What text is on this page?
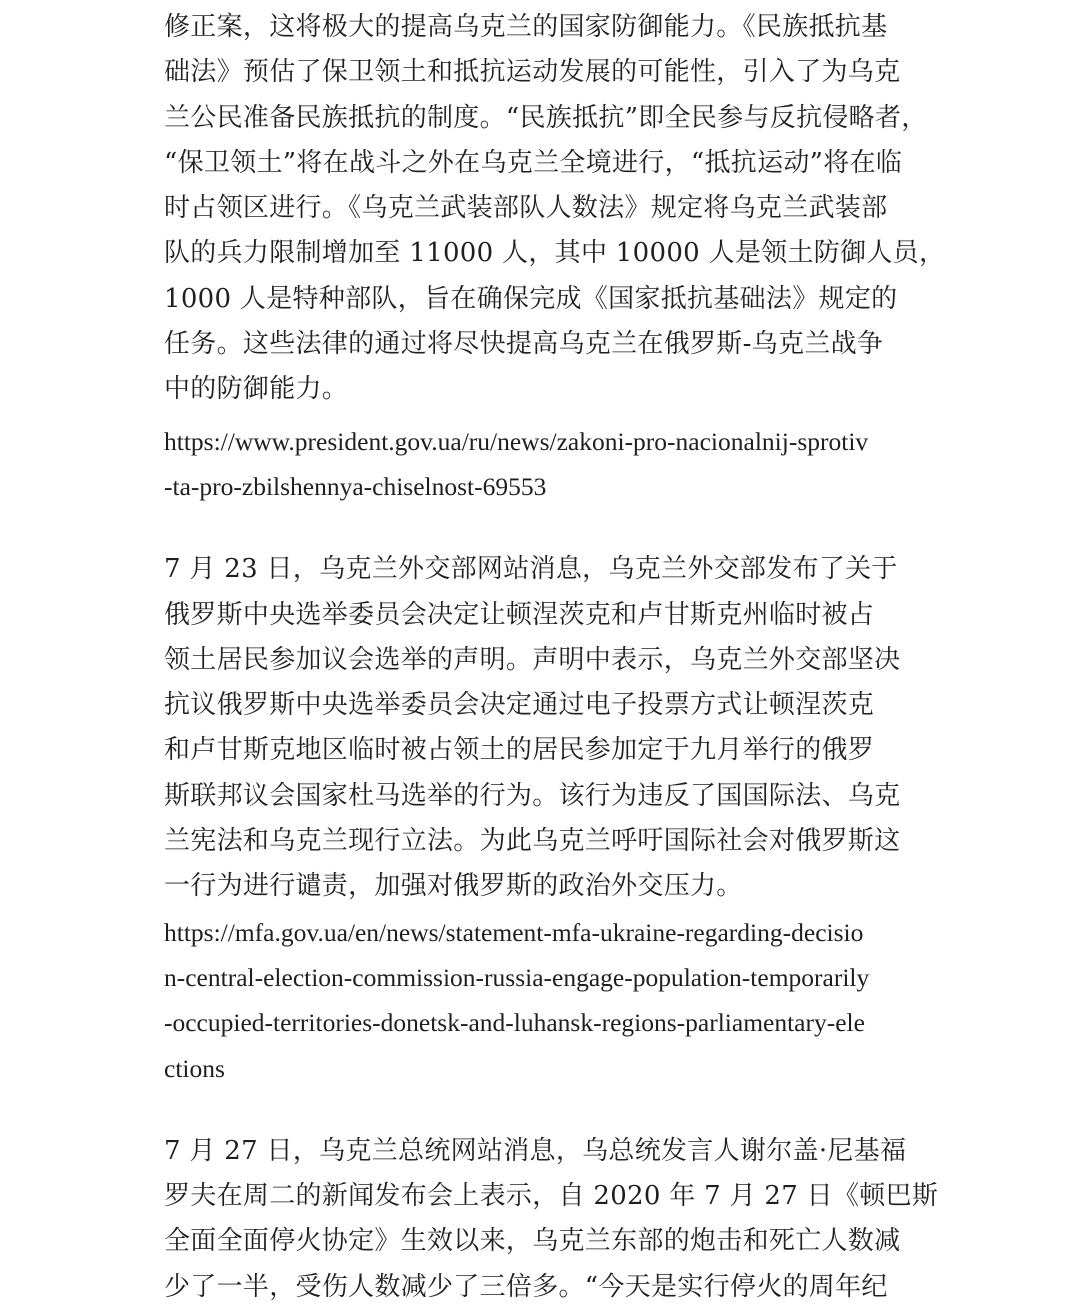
修正案，这将极大的提高乌克兰的国家防御能力。《民族抵抗基
础法》预估了保卫领土和抵抗运动发展的可能性，引入了为乌克
兰公民准备民族抵抗的制度。“民族抵抗”即全民参与反抗侵略者，
“保卫领土”将在战斗之外在乌克兰全境进行，“抵抗运动”将在临
时占领区进行。《乌克兰武装部队人数法》规定将乌克兰武装部
队的兵力限制增加至 11000 人，其中 10000 人是领土防御人员，
1000 人是特种部队，旨在确保完成《国家抵抗基础法》规定的
任务。这些法律的通过将尽快提高乌克兰在俄罗斯-乌克兰战争
中的防御能力。
https://www.president.gov.ua/ru/news/zakoni-pro-nacionalnij-sprotiv
-ta-pro-zbilshennya-chiselnost-69553
7 月 23 日，乌克兰外交部网站消息，乌克兰外交部发布了关于
俄罗斯中央选举委员会决定让顿涅茨克和卢甘斯克州临时被占
领土居民参加议会选举的声明。声明中表示，乌克兰外交部坚决
抗议俄罗斯中央选举委员会决定通过电子投票方式让顿涅茨克
和卢甘斯克地区临时被占领土的居民参加定于九月举行的俄罗
斯联邦议会国家杜马选举的行为。该行为违反了国国际法、乌克
兰宪法和乌克兰现行立法。为此乌克兰呼吁国际社会对俄罗斯这
一行为进行谴责，加强对俄罗斯的政治外交压力。
https://mfa.gov.ua/en/news/statement-mfa-ukraine-regarding-decisio
n-central-election-commission-russia-engage-population-temporarily
-occupied-territories-donetsk-and-luhansk-regions-parliamentary-ele
ctions
7 月 27 日，乌克兰总统网站消息，乌总统发言人谢尔盖·尼基福
罗夫在周二的新闻发布会上表示，自 2020 年 7 月 27 日《顿巴斯
全面全面停火协定》生效以来，乌克兰东部的炮击和死亡人数减
少了一半，受伤人数减少了三倍多。“今天是实行停火的周年纪
